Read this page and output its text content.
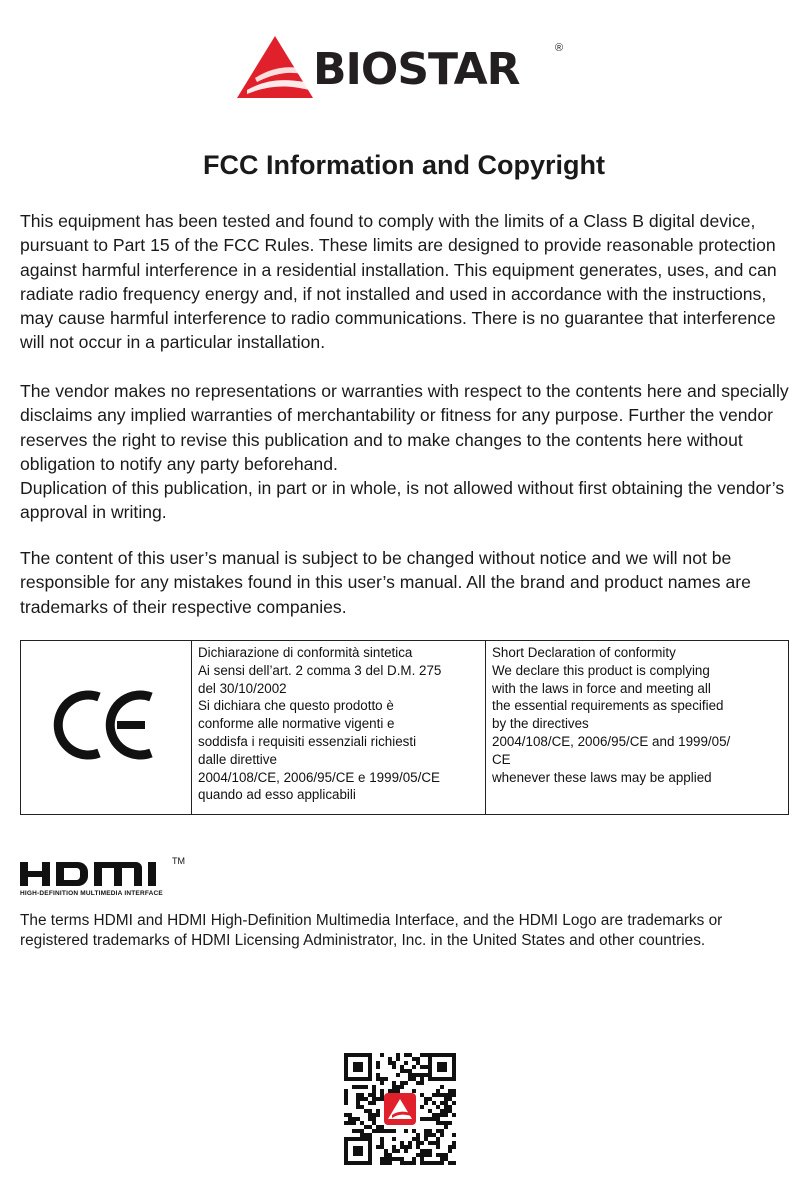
BIOSTAR	®
FCC Information and Copyright

This equipment has been tested and found to comply with the limits of a Class B digital device, pursuant to Part 15 of the FCC Rules. These limits are designed to provide reasonable protection against harmful interference in a residential installation. This equipment generates, uses, and can radiate radio frequency energy and, if not installed and used in accordance with the instructions, may cause harmful interference to radio communications. There is no guarantee that interference will not occur in a particular installation.

The vendor makes no representations or warranties with respect to the contents here and specially disclaims any implied warranties of merchantability or fitness for any purpose. Further the vendor reserves the right to revise this publication and to make changes to the contents here without obligation to notify any party beforehand.

Duplication of this publication, in part or in whole, is not allowed without first obtaining the vendor’s approval in writing.

The content of this user’s manual is subject to be changed without notice and we will not be responsible for any mistakes found in this user’s manual. All the brand and product names are trademarks of their respective companies.

Dichiarazione di conformità sintetica
Ai sensi dell’art. 2 comma 3 del D.M. 275
del 30/10/2002
Si dichiara che questo prodotto è
conforme alle normative vigenti e
soddisfa i requisiti essenziali richiesti
dalle direttive
2004/108/CE, 2006/95/CE e 1999/05/CE
quando ad esso applicabili

Short Declaration of conformity
We declare this product is complying
with the laws in force and meeting all
the essential requirements as specified
by the directives
2004/108/CE, 2006/95/CE and 1999/05/
CE
whenever these laws may be applied
TM
HIGH-DEFINITION MULTIMEDIA INTERFACE

The terms HDMI and HDMI High-Definition Multimedia Interface, and the HDMI Logo are trademarks or registered trademarks of HDMI Licensing Administrator, Inc. in the United States and other countries.
